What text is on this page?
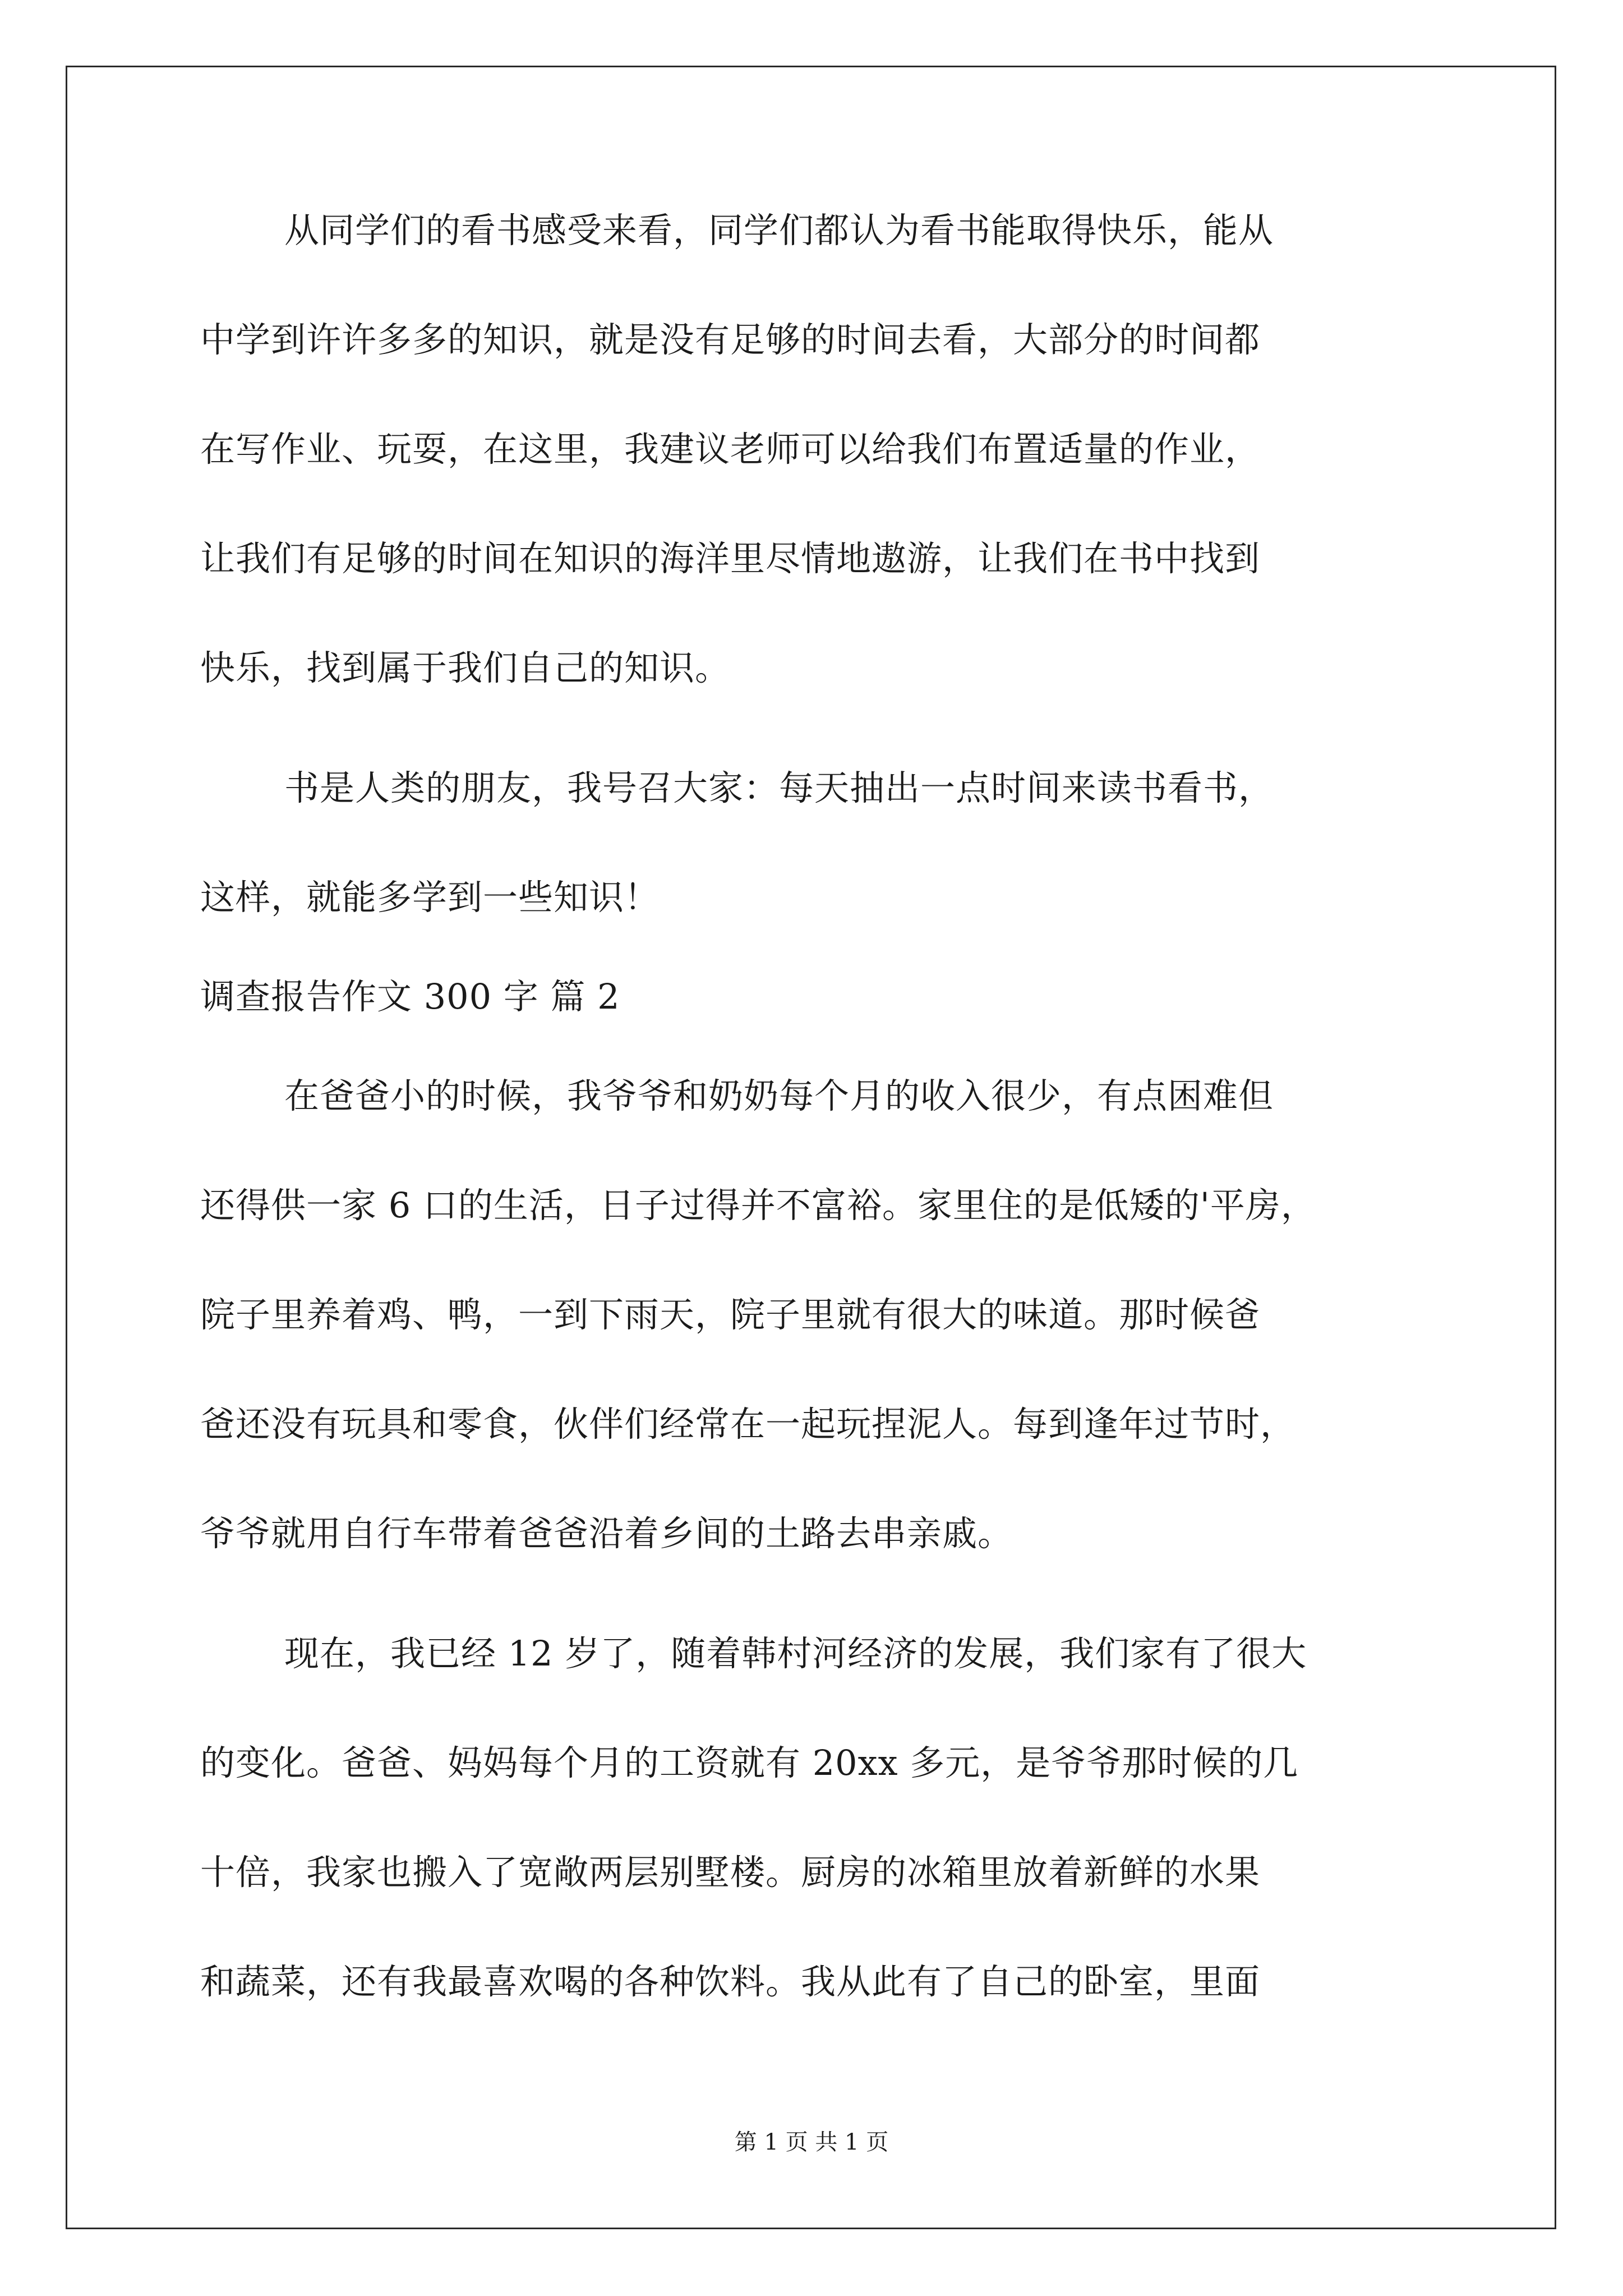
从同学们的看书感受来看，同学们都认为看书能取得快乐，能从
中学到许许多多的知识，就是没有足够的时间去看，大部分的时间都
在写作业、玩耍，在这里，我建议老师可以给我们布置适量的作业，
让我们有足够的时间在知识的海洋里尽情地遨游，让我们在书中找到
快乐，找到属于我们自己的知识。
书是人类的朋友，我号召大家：每天抽出一点时间来读书看书，
这样，就能多学到一些知识！
调查报告作文 300 字 篇 2
在爸爸小的时候，我爷爷和奶奶每个月的收入很少，有点困难但
还得供一家 6 口的生活，日子过得并不富裕。家里住的是低矮的'平房，
院子里养着鸡、鸭，一到下雨天，院子里就有很大的味道。那时候爸
爸还没有玩具和零食，伙伴们经常在一起玩捏泥人。每到逢年过节时，
爷爷就用自行车带着爸爸沿着乡间的土路去串亲戚。
现在，我已经 12 岁了，随着韩村河经济的发展，我们家有了很大
的变化。爸爸、妈妈每个月的工资就有 20xx 多元，是爷爷那时候的几
十倍，我家也搬入了宽敞两层别墅楼。厨房的冰箱里放着新鲜的水果
和蔬菜，还有我最喜欢喝的各种饮料。我从此有了自己的卧室，里面
第 1 页 共 1 页
